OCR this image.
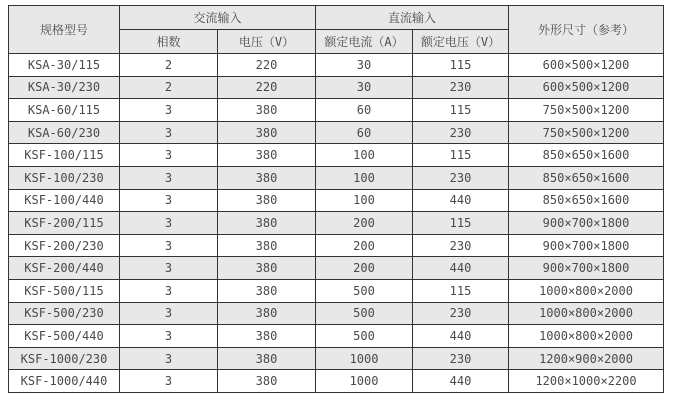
规格型号	交流输入		直流输入		外形尺寸（参考）
	相数	电压（V）	额定电流（A）	额定电压（V）	
KSA-30/115	2	220	30	115	600×500×1200
KSA-30/230	2	220	30	230	600×500×1200
KSA-60/115	3	380	60	115	750×500×1200
KSA-60/230	3	380	60	230	750×500×1200
KSF-100/115	3	380	100	115	850×650×1600
KSF-100/230	3	380	100	230	850×650×1600
KSF-100/440	3	380	100	440	850×650×1600
KSF-200/115	3	380	200	115	900×700×1800
KSF-200/230	3	380	200	230	900×700×1800
KSF-200/440	3	380	200	440	900×700×1800
KSF-500/115	3	380	500	115	1000×800×2000
KSF-500/230	3	380	500	230	1000×800×2000
KSF-500/440	3	380	500	440	1000×800×2000
KSF-1000/230	3	380	1000	230	1200×900×2000
KSF-1000/440	3	380	1000	440	1200×1000×2200
